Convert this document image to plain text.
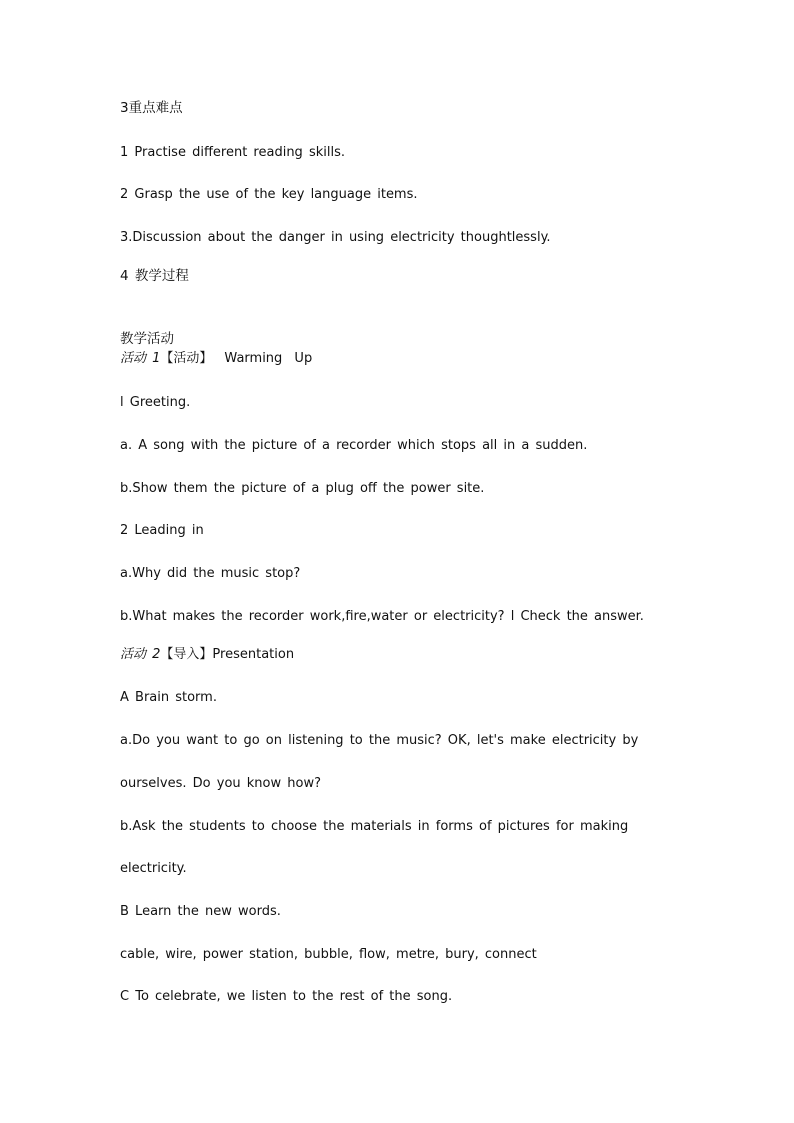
3重点难点
1 Practise different reading skills.
2 Grasp the use of the key language items.
3.Discussion about the danger in using electricity thoughtlessly.
4 教学过程
教学活动
活动 1【活动】 Warming Up
l Greeting.
a. A song with the picture of a recorder which stops all in a sudden.
b.Show them the picture of a plug off the power site.
2 Leading in
a.Why did the music stop?
b.What makes the recorder work,fire,water or electricity? l Check the answer.
活动 2【导入】Presentation
A Brain storm.
a.Do you want to go on listening to the music? OK, let's make electricity by
ourselves. Do you know how?
b.Ask the students to choose the materials in forms of pictures for making
electricity.
B Learn the new words.
cable, wire, power station, bubble, flow, metre, bury, connect
C To celebrate, we listen to the rest of the song.
